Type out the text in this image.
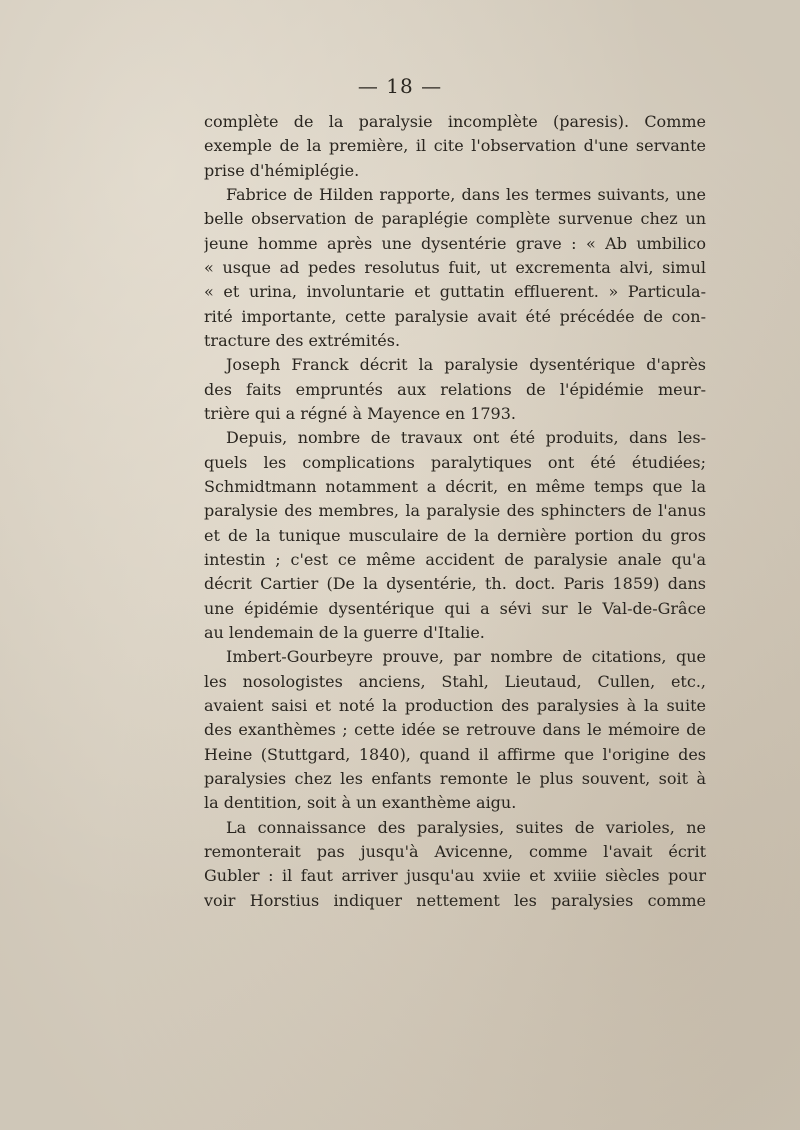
— 18 —
complète de la paralysie incomplète (paresis). Comme
exemple de la première, il cite l'observation d'une servante
prise d'hémiplégie.
Fabrice de Hilden rapporte, dans les termes suivants, une
belle observation de paraplégie complète survenue chez un
jeune homme après une dysentérie grave : « Ab umbilico
« usque ad pedes resolutus fuit, ut excrementa alvi, simul
« et urina, involuntarie et guttatin effluerent. » Particula-
rité importante, cette paralysie avait été précédée de con-
tracture des extrémités.
Joseph Franck décrit la paralysie dysentérique d'après
des faits empruntés aux relations de l'épidémie meur-
trière qui a régné à Mayence en 1793.
Depuis, nombre de travaux ont été produits, dans les-
quels les complications paralytiques ont été étudiées;
Schmidtmann notamment a décrit, en même temps que la
paralysie des membres, la paralysie des sphincters de l'anus
et de la tunique musculaire de la dernière portion du gros
intestin ; c'est ce même accident de paralysie anale qu'a
décrit Cartier (De la dysentérie, th. doct. Paris 1859) dans
une épidémie dysentérique qui a sévi sur le Val-de-Grâce
au lendemain de la guerre d'Italie.
Imbert-Gourbeyre prouve, par nombre de citations, que
les nosologistes anciens, Stahl, Lieutaud, Cullen, etc.,
avaient saisi et noté la production des paralysies à la suite
des exanthèmes ; cette idée se retrouve dans le mémoire de
Heine (Stuttgard, 1840), quand il affirme que l'origine des
paralysies chez les enfants remonte le plus souvent, soit à
la dentition, soit à un exanthème aigu.
La connaissance des paralysies, suites de varioles, ne
remonterait pas jusqu'à Avicenne, comme l'avait écrit
Gubler : il faut arriver jusqu'au xviie et xviiie siècles pour
voir Horstius indiquer nettement les paralysies comme
